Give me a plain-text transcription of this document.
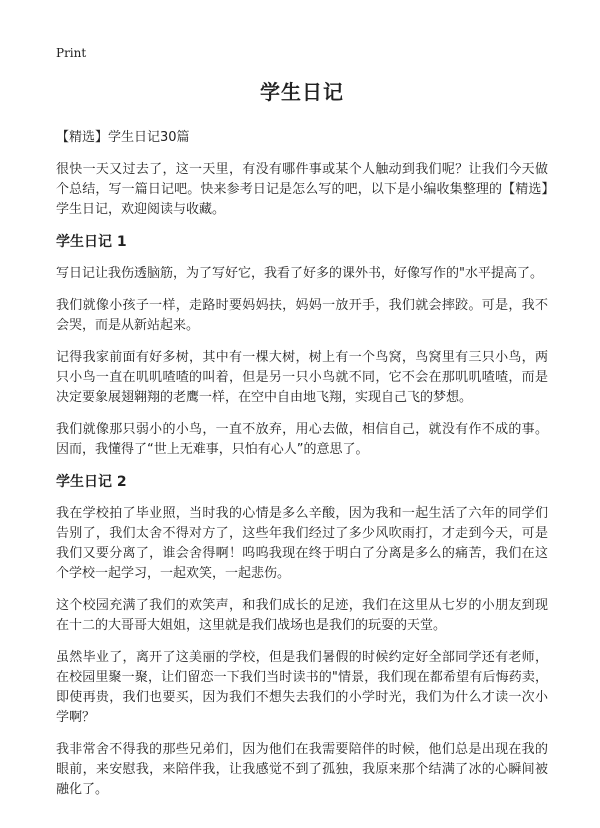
Print
学生日记
【精选】学生日记30篇

很快一天又过去了，这一天里，有没有哪件事或某个人触动到我们呢？让我们今天做个总结，写一篇日记吧。快来参考日记是怎么写的吧，以下是小编收集整理的【精选】学生日记，欢迎阅读与收藏。

学生日记 1

写日记让我伤透脑筋，为了写好它，我看了好多的课外书，好像写作的"水平提高了。

我们就像小孩子一样，走路时要妈妈扶，妈妈一放开手，我们就会摔跤。可是，我不会哭，而是从新站起来。

记得我家前面有好多树，其中有一棵大树，树上有一个鸟窝，鸟窝里有三只小鸟，两只小鸟一直在叽叽喳喳的叫着，但是另一只小鸟就不同，它不会在那叽叽喳喳，而是决定要象展翅翱翔的老鹰一样，在空中自由地飞翔，实现自己飞的梦想。

我们就像那只弱小的小鸟，一直不放弃，用心去做，相信自己，就没有作不成的事。因而，我懂得了“世上无难事，只怕有心人”的意思了。

学生日记 2

我在学校拍了毕业照，当时我的心情是多么辛酸，因为我和一起生活了六年的同学们告别了，我们太舍不得对方了，这些年我们经过了多少风吹雨打，才走到今天，可是我们又要分离了，谁会舍得啊！呜呜我现在终于明白了分离是多么的痛苦，我们在这个学校一起学习，一起欢笑，一起悲伤。

这个校园充满了我们的欢笑声，和我们成长的足迹，我们在这里从七岁的小朋友到现在十二的大哥哥大姐姐，这里就是我们战场也是我们的玩耍的天堂。

虽然毕业了，离开了这美丽的学校，但是我们暑假的时候约定好全部同学还有老师，在校园里聚一聚，让们留恋一下我们当时读书的"情景，我们现在都希望有后悔药卖，即使再贵，我们也要买，因为我们不想失去我们的小学时光，我们为什么才读一次小学啊？

我非常舍不得我的那些兄弟们，因为他们在我需要陪伴的时候，他们总是出现在我的眼前，来安慰我，来陪伴我，让我感觉不到了孤独，我原来那个结满了冰的心瞬间被融化了。
